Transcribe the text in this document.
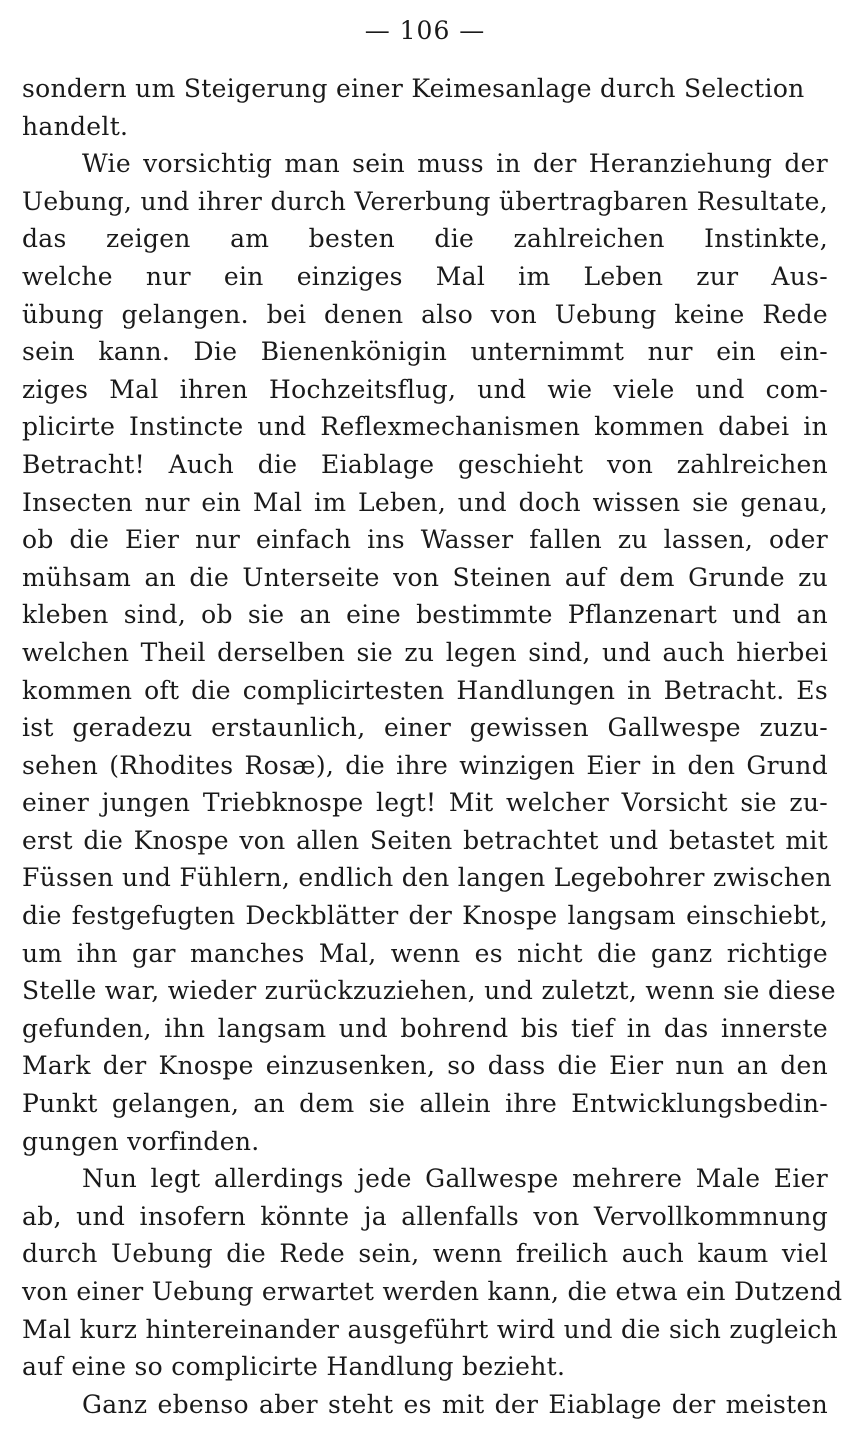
— 106 —
sondern um Steigerung einer Keimesanlage durch Selection
handelt.
Wie vorsichtig man sein muss in der Heranziehung der
Uebung, und ihrer durch Vererbung übertragbaren Resultate,
das zeigen am besten die zahlreichen Instinkte,
welche nur ein einziges Mal im Leben zur Aus-
übung gelangen. bei denen also von Uebung keine Rede
sein kann. Die Bienenkönigin unternimmt nur ein ein-
ziges Mal ihren Hochzeitsflug, und wie viele und com-
plicirte Instincte und Reflexmechanismen kommen dabei in
Betracht! Auch die Eiablage geschieht von zahlreichen
Insecten nur ein Mal im Leben, und doch wissen sie genau,
ob die Eier nur einfach ins Wasser fallen zu lassen, oder
mühsam an die Unterseite von Steinen auf dem Grunde zu
kleben sind, ob sie an eine bestimmte Pflanzenart und an
welchen Theil derselben sie zu legen sind, und auch hierbei
kommen oft die complicirtesten Handlungen in Betracht. Es
ist geradezu erstaunlich, einer gewissen Gallwespe zuzu-
sehen (Rhodites Rosæ), die ihre winzigen Eier in den Grund
einer jungen Triebknospe legt! Mit welcher Vorsicht sie zu-
erst die Knospe von allen Seiten betrachtet und betastet mit
Füssen und Fühlern, endlich den langen Legebohrer zwischen
die festgefugten Deckblätter der Knospe langsam einschiebt,
um ihn gar manches Mal, wenn es nicht die ganz richtige
Stelle war, wieder zurückzuziehen, und zuletzt, wenn sie diese
gefunden, ihn langsam und bohrend bis tief in das innerste
Mark der Knospe einzusenken, so dass die Eier nun an den
Punkt gelangen, an dem sie allein ihre Entwicklungsbedin-
gungen vorfinden.
Nun legt allerdings jede Gallwespe mehrere Male Eier
ab, und insofern könnte ja allenfalls von Vervollkommnung
durch Uebung die Rede sein, wenn freilich auch kaum viel
von einer Uebung erwartet werden kann, die etwa ein Dutzend
Mal kurz hintereinander ausgeführt wird und die sich zugleich
auf eine so complicirte Handlung bezieht.
Ganz ebenso aber steht es mit der Eiablage der meisten
